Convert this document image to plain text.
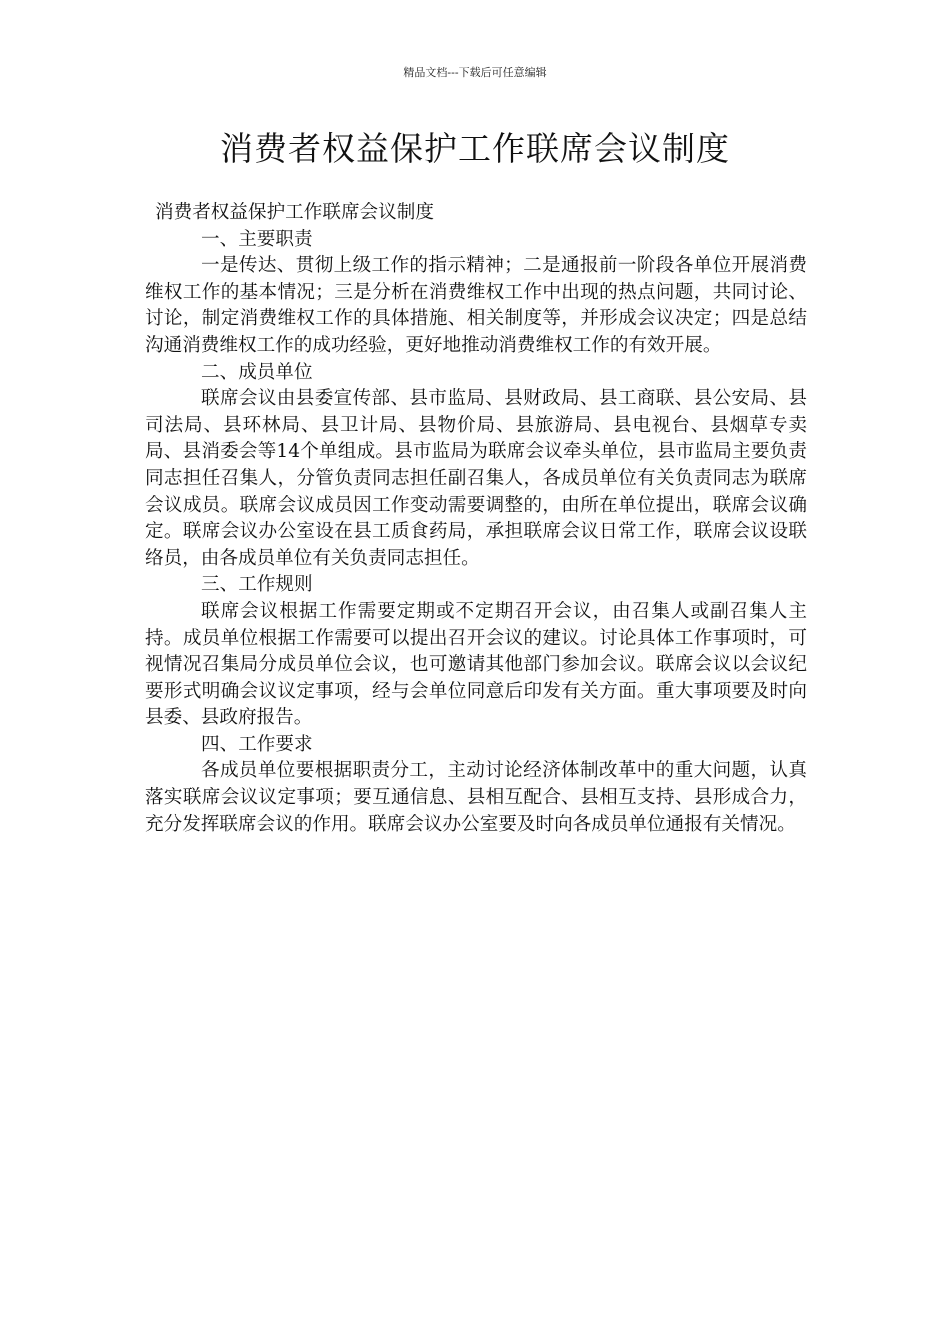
精品文档---下载后可任意编辑
消费者权益保护工作联席会议制度

消费者权益保护工作联席会议制度

一、主要职责

一是传达、贯彻上级工作的指示精神；二是通报前一阶段各单位开展消费维权工作的基本情况；三是分析在消费维权工作中出现的热点问题，共同讨论、讨论，制定消费维权工作的具体措施、相关制度等，并形成会议决定；四是总结沟通消费维权工作的成功经验，更好地推动消费维权工作的有效开展。

二、成员单位

联席会议由县委宣传部、县市监局、县财政局、县工商联、县公安局、县司法局、县环林局、县卫计局、县物价局、县旅游局、县电视台、县烟草专卖局、县消委会等14个单组成。县市监局为联席会议牵头单位，县市监局主要负责同志担任召集人，分管负责同志担任副召集人，各成员单位有关负责同志为联席会议成员。联席会议成员因工作变动需要调整的，由所在单位提出，联席会议确定。联席会议办公室设在县工质食药局，承担联席会议日常工作，联席会议设联络员，由各成员单位有关负责同志担任。

三、工作规则

联席会议根据工作需要定期或不定期召开会议，由召集人或副召集人主持。成员单位根据工作需要可以提出召开会议的建议。讨论具体工作事项时，可视情况召集局分成员单位会议，也可邀请其他部门参加会议。联席会议以会议纪要形式明确会议议定事项，经与会单位同意后印发有关方面。重大事项要及时向县委、县政府报告。

四、工作要求

各成员单位要根据职责分工，主动讨论经济体制改革中的重大问题，认真落实联席会议议定事项；要互通信息、县相互配合、县相互支持、县形成合力，充分发挥联席会议的作用。联席会议办公室要及时向各成员单位通报有关情况。
